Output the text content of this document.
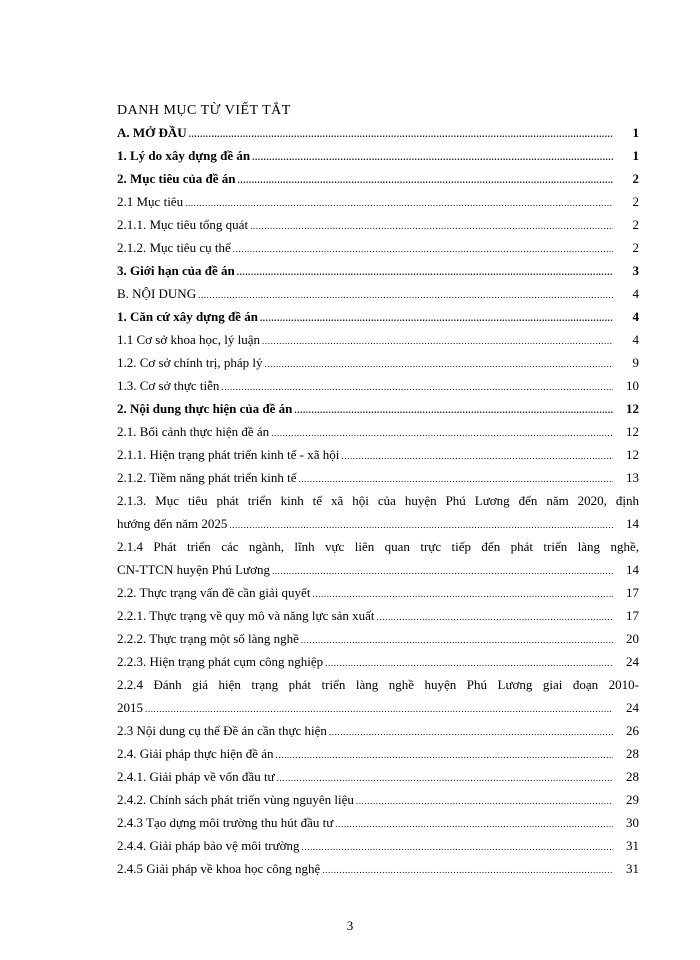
DANH MỤC TỪ VIẾT TẮT
A. MỞ ĐẦU .....	1
1. Lý do xây dựng đề án .....	1
2. Mục tiêu của đề án .....	2
2.1 Mục tiêu .....	2
2.1.1. Mục tiêu tổng quát .....	2
2.1.2. Mục tiêu cụ thể .....	2
3. Giới hạn của đề án .....	3
B. NỘI DUNG .....	4
1. Căn cứ xây dựng đề án .....	4
1.1 Cơ sở khoa học, lý luận .....	4
1.2. Cơ sở chính trị, pháp lý .....	9
1.3. Cơ sở thực tiễn .....	10
2. Nội dung thực hiện của đề án .....	12
2.1. Bối cảnh thực hiện đề án .....	12
2.1.1. Hiện trạng phát triển kinh tế - xã hội .....	12
2.1.2. Tiềm năng phát triển kinh tế .....	13
2.1.3. Mục tiêu phát triển kinh tế xã hội của huyện Phú Lương đến năm 2020, định
hướng đến năm 2025 .....	14
2.1.4 Phát triển các ngành, lĩnh vực liên quan trực tiếp đến phát triển làng nghề,
CN-TTCN huyện Phú Lương .....	14
2.2. Thực trạng vấn đề cần giải quyết .....	17
2.2.1. Thực trạng về quy mô và năng lực sản xuất .....	17
2.2.2. Thực trạng một số làng nghề .....	20
2.2.3. Hiện trạng phát cụm công nghiệp .....	24
2.2.4 Đánh giá hiện trạng phát triển làng nghề huyện Phú Lương giai đoạn 2010-
2015 .....	24
2.3 Nội dung cụ thể Đề án cần thực hiện .....	26
2.4. Giải pháp thực hiện đề án .....	28
2.4.1. Giải pháp về vốn đầu tư .....	28
2.4.2. Chính sách phát triển vùng nguyên liệu .....	29
2.4.3 Tạo dựng môi trường thu hút đầu tư .....	30
2.4.4. Giải pháp bảo vệ môi trường .....	31
2.4.5 Giải pháp về khoa học công nghệ .....	31
3
